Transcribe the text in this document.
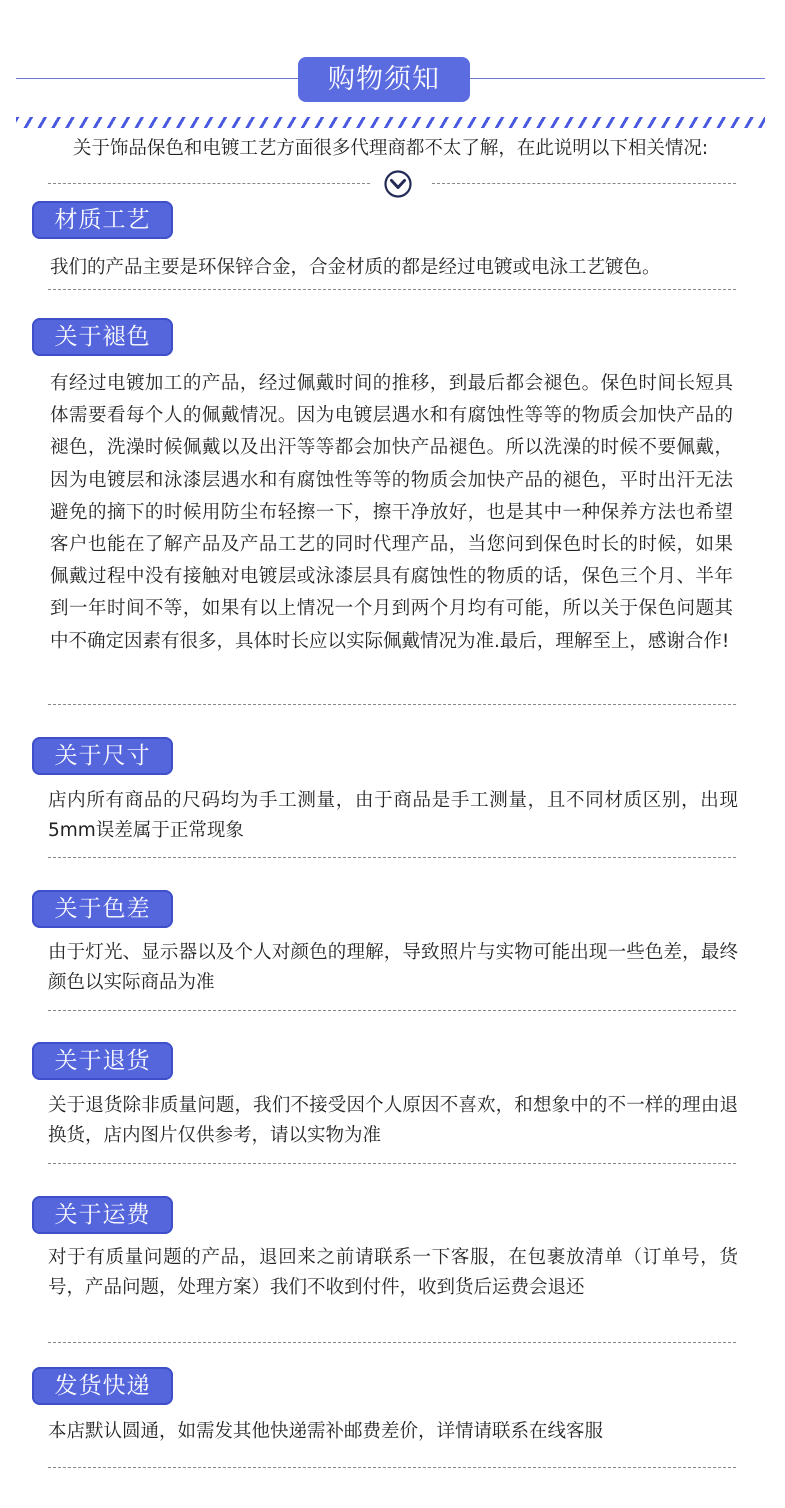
购物须知
关于饰品保色和电镀工艺方面很多代理商都不太了解，在此说明以下相关情况:
材质工艺
我们的产品主要是环保锌合金，合金材质的都是经过电镀或电泳工艺镀色。
关于褪色
有经过电镀加工的产品，经过佩戴时间的推移，到最后都会褪色。保色时间长短具体需要看每个人的佩戴情况。因为电镀层遇水和有腐蚀性等等的物质会加快产品的褪色，洗澡时候佩戴以及出汗等等都会加快产品褪色。所以洗澡的时候不要佩戴，因为电镀层和泳漆层遇水和有腐蚀性等等的物质会加快产品的褪色，平时出汗无法避免的摘下的时候用防尘布轻擦一下，擦干净放好，也是其中一种保养方法也希望客户也能在了解产品及产品工艺的同时代理产品，当您问到保色时长的时候，如果佩戴过程中没有接触对电镀层或泳漆层具有腐蚀性的物质的话，保色三个月、半年到一年时间不等，如果有以上情况一个月到两个月均有可能，所以关于保色问题其中不确定因素有很多，具体时长应以实际佩戴情况为准.最后，理解至上，感谢合作!
关于尺寸
店内所有商品的尺码均为手工测量，由于商品是手工测量，且不同材质区别，出现5mm误差属于正常现象
关于色差
由于灯光、显示器以及个人对颜色的理解，导致照片与实物可能出现一些色差，最终颜色以实际商品为准
关于退货
关于退货除非质量问题，我们不接受因个人原因不喜欢，和想象中的不一样的理由退换货，店内图片仅供参考，请以实物为准
关于运费
对于有质量问题的产品，退回来之前请联系一下客服，在包裹放清单（订单号，货号，产品问题，处理方案）我们不收到付件，收到货后运费会退还
发货快递
本店默认圆通，如需发其他快递需补邮费差价，详情请联系在线客服
